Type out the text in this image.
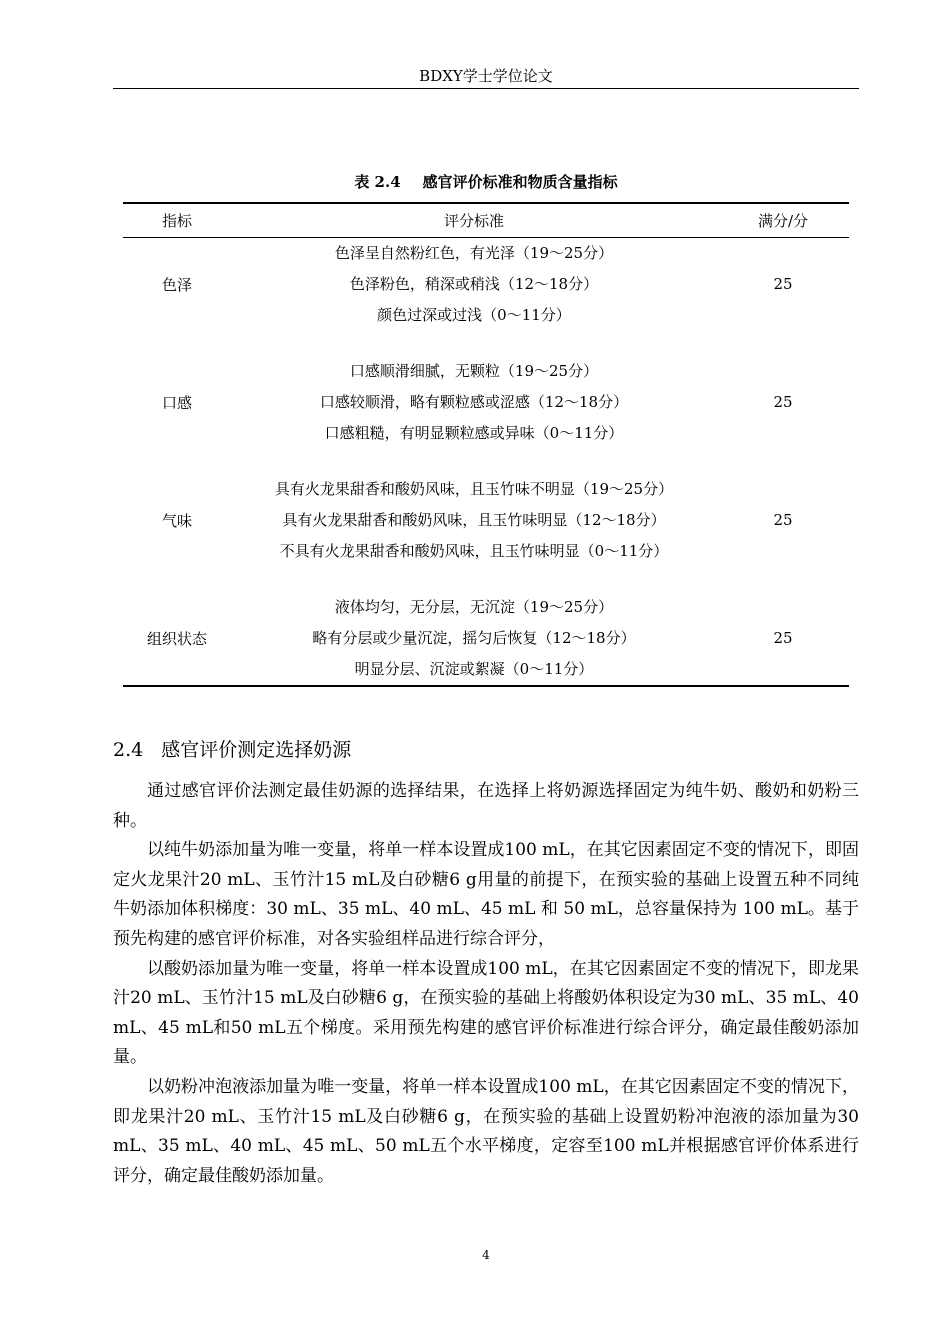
BDXY学士学位论文
表 2.4 感官评价标准和物质含量指标
指标	评分标准	满分/分
色泽	色泽呈自然粉红色，有光泽（19～25分）
色泽粉色，稍深或稍浅（12～18分）
颜色过深或过浅（0～11分）	25

口感	口感顺滑细腻，无颗粒（19～25分）
口感较顺滑，略有颗粒感或涩感（12～18分）
口感粗糙，有明显颗粒感或异味（0～11分）	25

气味	具有火龙果甜香和酸奶风味，且玉竹味不明显（19～25分）
具有火龙果甜香和酸奶风味，且玉竹味明显（12～18分）
不具有火龙果甜香和酸奶风味，且玉竹味明显（0～11分）	25

组织状态	液体均匀，无分层，无沉淀（19～25分）
略有分层或少量沉淀，摇匀后恢复（12～18分）
明显分层、沉淀或絮凝（0～11分）	25
2.4 感官评价测定选择奶源

通过感官评价法测定最佳奶源的选择结果，在选择上将奶源选择固定为纯牛奶、酸奶和奶粉三种。

以纯牛奶添加量为唯一变量，将单一样本设置成100 mL，在其它因素固定不变的情况下，即固定火龙果汁20 mL、玉竹汁15 mL及白砂糖6 g用量的前提下，在预实验的基础上设置五种不同纯牛奶添加体积梯度：30 mL、35 mL、40 mL、45 mL 和 50 mL，总容量保持为 100 mL。基于预先构建的感官评价标准，对各实验组样品进行综合评分，

以酸奶添加量为唯一变量，将单一样本设置成100 mL，在其它因素固定不变的情况下，即龙果汁20 mL、玉竹汁15 mL及白砂糖6 g，在预实验的基础上将酸奶体积设定为30 mL、35 mL、40 mL、45 mL和50 mL五个梯度。采用预先构建的感官评价标准进行综合评分，确定最佳酸奶添加量。

以奶粉冲泡液添加量为唯一变量，将单一样本设置成100 mL，在其它因素固定不变的情况下，即龙果汁20 mL、玉竹汁15 mL及白砂糖6 g，在预实验的基础上设置奶粉冲泡液的添加量为30 mL、35 mL、40 mL、45 mL、50 mL五个水平梯度，定容至100 mL并根据感官评价体系进行评分，确定最佳酸奶添加量。

4
